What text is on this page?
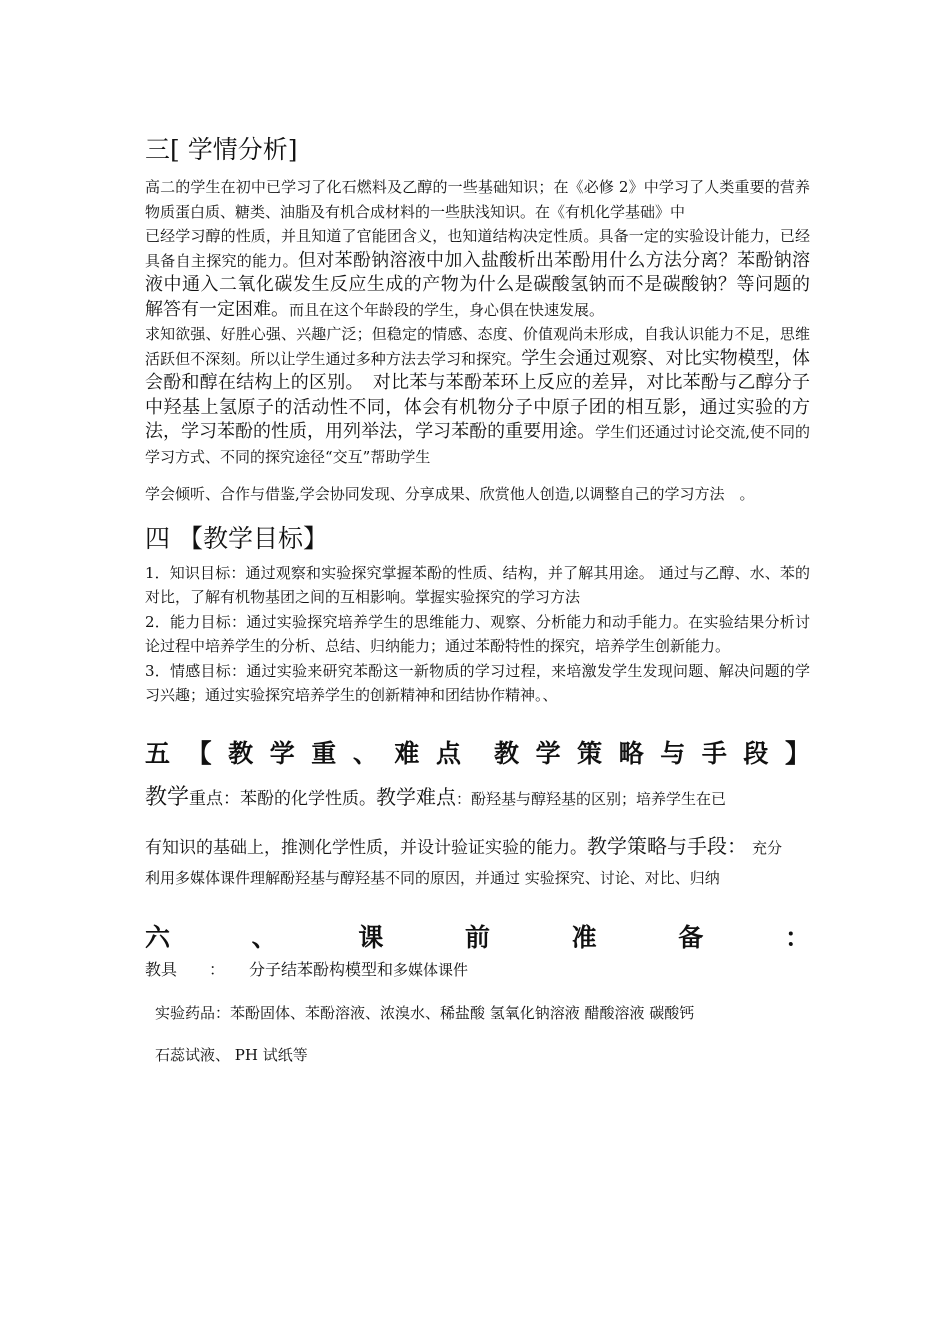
三[ 学情分析]

高二的学生在初中已学习了化石燃料及乙醇的一些基础知识；在《必修 2》中学习了人类重要的营养物质蛋白质、糖类、油脂及有机合成材料的一些肤浅知识。在《有机化学基础》中

已经学习醇的性质，并且知道了官能团含义，也知道结构决定性质。具备一定的实验设计能力，已经具备自主探究的能力。但对苯酚钠溶液中加入盐酸析出苯酚用什么方法分离？苯酚钠溶液中通入二氧化碳发生反应生成的产物为什么是碳酸氢钠而不是碳酸钠？等问题的解答有一定困难。而且在这个年龄段的学生，身心俱在快速发展。

求知欲强、好胜心强、兴趣广泛；但稳定的情感、态度、价值观尚未形成，自我认识能力不足，思维活跃但不深刻。所以让学生通过多种方法去学习和探究。学生会通过观察、对比实物模型，体会酚和醇在结构上的区别。　对比苯与苯酚苯环上反应的差异，对比苯酚与乙醇分子中羟基上氢原子的活动性不同，体会有机物分子中原子团的相互影，通过实验的方法，学习苯酚的性质，用列举法，学习苯酚的重要用途。学生们还通过讨论交流,使不同的学习方式、不同的探究途径“交互”帮助学生

学会倾听、合作与借鉴,学会协同发现、分享成果、欣赏他人创造,以调整自己的学习方法　。

四 【教学目标】

1．知识目标：通过观察和实验探究掌握苯酚的性质、结构，并了解其用途。 通过与乙醇、水、苯的对比，了解有机物基团之间的互相影响。掌握实验探究的学习方法

2．能力目标：通过实验探究培养学生的思维能力、观察、分析能力和动手能力。在实验结果分析讨论过程中培养学生的分析、总结、归纳能力；通过苯酚特性的探究，培养学生创新能力。

3．情感目标：通过实验来研究苯酚这一新物质的学习过程，来培激发学生发现问题、解决问题的学习兴趣；通过实验探究培养学生的创新精神和团结协作精神。、

五 【 教 学 重 、 难 点 教 学 策 略 与 手 段 】

教学重点：苯酚的化学性质。教学难点：酚羟基与醇羟基的区别；培养学生在已

有知识的基础上，推测化学性质，并设计验证实验的能力。教学策略与手段：　充分

利用多媒体课件理解酚羟基与醇羟基不同的原因，并通过 实验探究、讨论、对比、归纳

六	、	课	前	准	备	：

教具　　：　　分子结苯酚构模型和多媒体课件

实验药品：苯酚固体、苯酚溶液、浓溴水、稀盐酸 氢氧化钠溶液 醋酸溶液 碳酸钙

石蕊试液、 PH 试纸等
